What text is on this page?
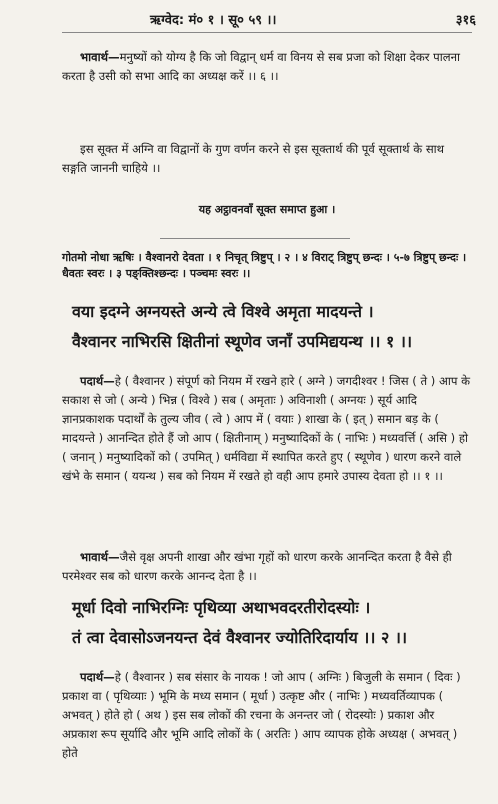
ऋग्वेद: मं० १ । सू० ५९ ।।	३१६
भावार्थ—मनुष्यों को योग्य है कि जो विद्वान् धर्म वा विनय से सब प्रजा को शिक्षा देकर पालना करता है उसी को सभा आदि का अध्यक्ष करें ।। ६ ।।
इस सूक्त में अग्नि वा विद्वानों के गुण वर्णन करने से इस सूक्तार्थ की पूर्व सूक्तार्थ के साथ सङ्गति जाननी चाहिये ।।
यह अट्ठावनवाँ सूक्त समाप्त हुआ ।
गोतमो नोधा ऋषिः । वैश्वानरो देवता । १ निचृत् त्रिष्टुप् । २ । ४ विराट् त्रिष्टुप् छन्दः । ५-७ त्रिष्टुप् छन्दः । धैवतः स्वरः । ३ पङ्क्तिश्छन्दः । पञ्चमः स्वरः ।।
वया इदग्ने अग्नयस्ते अन्ये त्वे विश्वे अमृता मादयन्ते ।
वैश्वानर नाभिरसि क्षितीनां स्थूणेव जनाँ उपमिद्ययन्थ ।। १ ।।
पदार्थ—हे ( वैश्वानर ) संपूर्ण को नियम में रखने हारे ( अग्ने ) जगदीश्वर ! जिस ( ते ) आप के सकाश से जो ( अन्ये ) भिन्न ( विश्वे ) सब ( अमृताः ) अविनाशी ( अग्नयः ) सूर्य आदि ज्ञानप्रकाशक पदार्थों के तुल्य जीव ( त्वे ) आप में ( वयाः ) शाखा के ( इत् ) समान बड़ के ( मादयन्ते ) आनन्दित होते हैं जो आप ( क्षितीनाम् ) मनुष्यादिकों के ( नाभिः ) मध्यवर्त्ति ( असि ) हो ( जनान् ) मनुष्यादिकों को ( उपमित् ) धर्मविद्या में स्थापित करते हुए ( स्थूणेव ) धारण करने वाले खंभे के समान ( ययन्थ ) सब को नियम में रखते हो वही आप हमारे उपास्य देवता हो ।। १ ।।
भावार्थ—जैसे वृक्ष अपनी शाखा और खंभा गृहों को धारण करके आनन्दित करता है वैसे ही परमेश्वर सब को धारण करके आनन्द देता है ।।
मूर्धा दिवो नाभिरग्निः पृथिव्या अथाभवदरतीरोदस्योः ।
तं त्वा देवासोऽजनयन्त देवं वैश्वानर ज्योतिरिदार्याय ।। २ ।।
पदार्थ—हे ( वैश्वानर ) सब संसार के नायक ! जो आप ( अग्निः ) बिजुली के समान ( दिवः ) प्रकाश वा ( पृथिव्याः ) भूमि के मध्य समान ( मूर्धा ) उत्कृष्ट और ( नाभिः ) मध्यवर्तिव्यापक ( अभवत् ) होते हो ( अथ ) इस सब लोकों की रचना के अनन्तर जो ( रोदस्योः ) प्रकाश और अप्रकाश रूप सूर्यादि और भूमि आदि लोकों के ( अरतिः ) आप व्यापक होके अध्यक्ष ( अभवत् ) होते
